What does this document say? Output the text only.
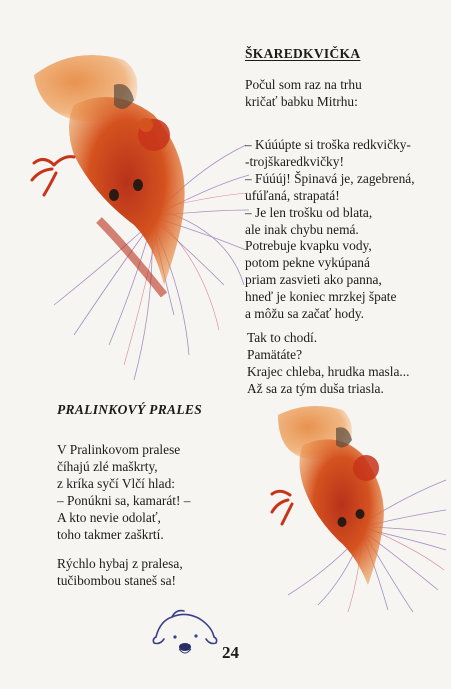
ŠKAREDKVIČKA
Počul som raz na trhu
kričať babku Mitrhu:
– Kúúúpte si troška redkvičky-
-trojškaredkvičky!
– Fúúúj! Špinavá je, zagebrená,
ufúľaná, strapatá!
– Je len trošku od blata,
ale inak chybu nemá.
Potrebuje kvapku vody,
potom pekne vykúpaná
priam zasvieti ako panna,
hneď je koniec mrzkej špate
a môžu sa začať hody.
Tak to chodí.
Pamätáte?
Krajec chleba, hrudka masla...
Až sa za tým duša triasla.
PRALINKOVÝ PRALES
V Pralinkovom pralese
číhajú zlé maškrty,
z kríka syčí Vlčí hlad:
– Ponúkni sa, kamarát! –
A kto nevie odolať,
toho takmer zaškrtí.
Rýchlo hybaj z pralesa,
tučibombou staneš sa!
24
